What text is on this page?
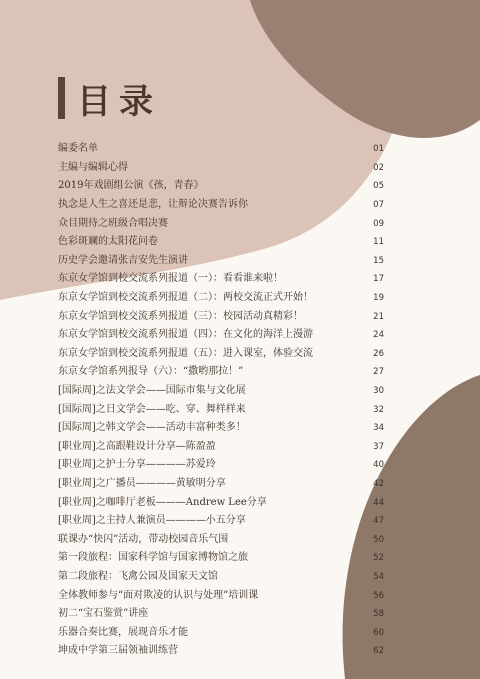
目录
编委名单	01
主编与编辑心得	02
2019年戏剧组公演《孩，青春》	05
执念是人生之喜还是悲，让辩论决赛告诉你	07
众目期待之班级合唱决赛	09
色彩斑斓的太阳花问卷	11
历史学会邀请张吉安先生演讲	15
东京女学馆到校交流系列报道（一）：看看谁来啦！	17
东京女学馆到校交流系列报道（二）：两校交流正式开始！	19
东京女学馆到校交流系列报道（三）：校园活动真精彩！	21
东京女学馆到校交流系列报道（四）：在文化的海洋上漫游	24
东京女学馆到校交流系列报道（五）：进入课室，体验交流	26
东京女学馆系列报导（六）：“撒哟那拉！”	27
[国际周]之法文学会——国际市集与文化展	30
[国际周]之日文学会——吃、穿、舞样样来	32
[国际周]之韩文学会——活动丰富种类多！	34
[职业周]之高跟鞋设计分享—陈盈盈	37
[职业周]之护士分享————苏爱玲	40
[职业周]之广播员————黄敏明分享	42
[职业周]之咖啡厅老板———Andrew Lee分享	44
[职业周]之主持人兼演员————小五分享	47
联课办“快闪”活动，带动校园音乐气围	50
第一段旅程：国家科学馆与国家博物馆之旅	52
第二段旅程：飞禽公园及国家天文馆	54
全体教师参与“面对欺凌的认识与处理”培训课	56
初二“宝石鉴赏”讲座	58
乐器合奏比赛，展现音乐才能	60
坤成中学第三届领袖训练营	62
